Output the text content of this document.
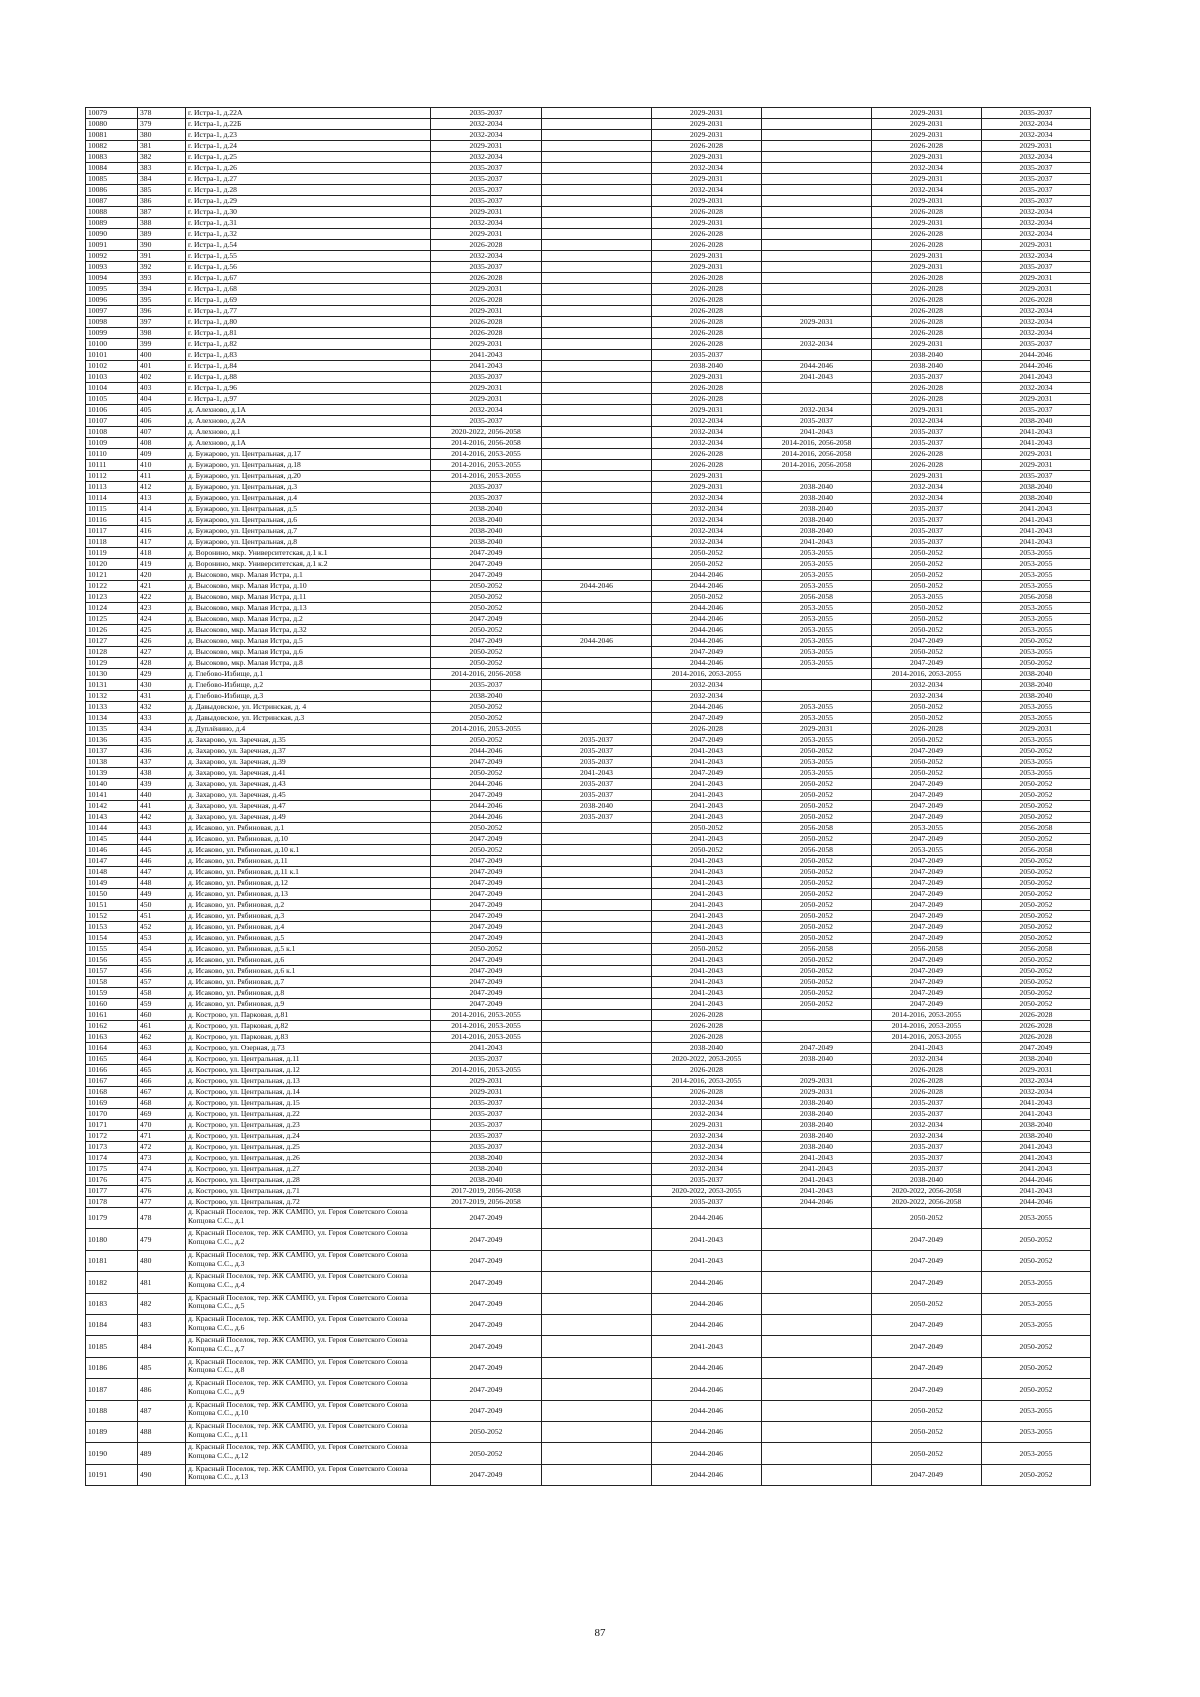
10079	378	г. Истра-1, д.22А	2035-2037		2029-2031		2029-2031	2035-2037
10080	379	г. Истра-1, д.22Б	2032-2034		2029-2031		2029-2031	2032-2034
10081	380	г. Истра-1, д.23	2032-2034		2029-2031		2029-2031	2032-2034
10082	381	г. Истра-1, д.24	2029-2031		2026-2028		2026-2028	2029-2031
10083	382	г. Истра-1, д.25	2032-2034		2029-2031		2029-2031	2032-2034
10084	383	г. Истра-1, д.26	2035-2037		2032-2034		2032-2034	2035-2037
10085	384	г. Истра-1, д.27	2035-2037		2029-2031		2029-2031	2035-2037
10086	385	г. Истра-1, д.28	2035-2037		2032-2034		2032-2034	2035-2037
10087	386	г. Истра-1, д.29	2035-2037		2029-2031		2029-2031	2035-2037
10088	387	г. Истра-1, д.30	2029-2031		2026-2028		2026-2028	2032-2034
10089	388	г. Истра-1, д.31	2032-2034		2029-2031		2029-2031	2032-2034
10090	389	г. Истра-1, д.32	2029-2031		2026-2028		2026-2028	2032-2034
10091	390	г. Истра-1, д.54	2026-2028		2026-2028		2026-2028	2029-2031
10092	391	г. Истра-1, д.55	2032-2034		2029-2031		2029-2031	2032-2034
10093	392	г. Истра-1, д.56	2035-2037		2029-2031		2029-2031	2035-2037
10094	393	г. Истра-1, д.67	2026-2028		2026-2028		2026-2028	2029-2031
10095	394	г. Истра-1, д.68	2029-2031		2026-2028		2026-2028	2029-2031
10096	395	г. Истра-1, д.69	2026-2028		2026-2028		2026-2028	2026-2028
10097	396	г. Истра-1, д.77	2029-2031		2026-2028		2026-2028	2032-2034
10098	397	г. Истра-1, д.80	2026-2028		2026-2028	2029-2031	2026-2028	2032-2034
10099	398	г. Истра-1, д.81	2026-2028		2026-2028		2026-2028	2032-2034
10100	399	г. Истра-1, д.82	2029-2031		2026-2028	2032-2034	2029-2031	2035-2037
10101	400	г. Истра-1, д.83	2041-2043		2035-2037		2038-2040	2044-2046
10102	401	г. Истра-1, д.84	2041-2043		2038-2040	2044-2046	2038-2040	2044-2046
10103	402	г. Истра-1, д.88	2035-2037		2029-2031	2041-2043	2035-2037	2041-2043
10104	403	г. Истра-1, д.96	2029-2031		2026-2028		2026-2028	2032-2034
10105	404	г. Истра-1, д.97	2029-2031		2026-2028		2026-2028	2029-2031
10106	405	д. Алехново, д.1А	2032-2034		2029-2031	2032-2034	2029-2031	2035-2037
10107	406	д. Алехново, д.2А	2035-2037		2032-2034	2035-2037	2032-2034	2038-2040
10108	407	д. Алехново, д.1	2020-2022, 2056-2058		2032-2034	2041-2043	2035-2037	2041-2043
10109	408	д. Алехново, д.1А	2014-2016, 2056-2058		2032-2034	2014-2016, 2056-2058	2035-2037	2041-2043
10110	409	д. Бужарово, ул. Центральная, д.17	2014-2016, 2053-2055		2026-2028	2014-2016, 2056-2058	2026-2028	2029-2031
10111	410	д. Бужарово, ул. Центральная, д.18	2014-2016, 2053-2055		2026-2028	2014-2016, 2056-2058	2026-2028	2029-2031
10112	411	д. Бужарово, ул. Центральная, д.20	2014-2016, 2053-2055		2029-2031		2029-2031	2035-2037
10113	412	д. Бужарово, ул. Центральная, д.3	2035-2037		2029-2031	2038-2040	2032-2034	2038-2040
10114	413	д. Бужарово, ул. Центральная, д.4	2035-2037		2032-2034	2038-2040	2032-2034	2038-2040
10115	414	д. Бужарово, ул. Центральная, д.5	2038-2040		2032-2034	2038-2040	2035-2037	2041-2043
10116	415	д. Бужарово, ул. Центральная, д.6	2038-2040		2032-2034	2038-2040	2035-2037	2041-2043
10117	416	д. Бужарово, ул. Центральная, д.7	2038-2040		2032-2034	2038-2040	2035-2037	2041-2043
10118	417	д. Бужарово, ул. Центральная, д.8	2038-2040		2032-2034	2041-2043	2035-2037	2041-2043
10119	418	д. Воронино, мкр. Университетская, д.1 к.1	2047-2049		2050-2052	2053-2055	2050-2052	2053-2055
10120	419	д. Воронино, мкр. Университетская, д.1 к.2	2047-2049		2050-2052	2053-2055	2050-2052	2053-2055
10121	420	д. Высоково, мкр. Малая Истра, д.1	2047-2049		2044-2046	2053-2055	2050-2052	2053-2055
10122	421	д. Высоково, мкр. Малая Истра, д.10	2050-2052	2044-2046	2044-2046	2053-2055	2050-2052	2053-2055
10123	422	д. Высоково, мкр. Малая Истра, д.11	2050-2052		2050-2052	2056-2058	2053-2055	2056-2058
10124	423	д. Высоково, мкр. Малая Истра, д.13	2050-2052		2044-2046	2053-2055	2050-2052	2053-2055
10125	424	д. Высоково, мкр. Малая Истра, д.2	2047-2049		2044-2046	2053-2055	2050-2052	2053-2055
10126	425	д. Высоково, мкр. Малая Истра, д.32	2050-2052		2044-2046	2053-2055	2050-2052	2053-2055
10127	426	д. Высоково, мкр. Малая Истра, д.5	2047-2049	2044-2046	2044-2046	2053-2055	2047-2049	2050-2052
10128	427	д. Высоково, мкр. Малая Истра, д.6	2050-2052		2047-2049	2053-2055	2050-2052	2053-2055
10129	428	д. Высоково, мкр. Малая Истра, д.8	2050-2052		2044-2046	2053-2055	2047-2049	2050-2052
10130	429	д. Глебово-Избище, д.1	2014-2016, 2056-2058		2014-2016, 2053-2055		2014-2016, 2053-2055	2038-2040
10131	430	д. Глебово-Избище, д.2	2035-2037		2032-2034		2032-2034	2038-2040
10132	431	д. Глебово-Избище, д.3	2038-2040		2032-2034		2032-2034	2038-2040
10133	432	д. Давыдовское, ул. Истринская, д. 4	2050-2052		2044-2046	2053-2055	2050-2052	2053-2055
10134	433	д. Давыдовское, ул. Истринская, д.3	2050-2052		2047-2049	2053-2055	2050-2052	2053-2055
10135	434	д. Дуплёнино, д.4	2014-2016, 2053-2055		2026-2028	2029-2031	2026-2028	2029-2031
10136	435	д. Захарово, ул. Заречная, д.35	2050-2052	2035-2037	2047-2049	2053-2055	2050-2052	2053-2055
10137	436	д. Захарово, ул. Заречная, д.37	2044-2046	2035-2037	2041-2043	2050-2052	2047-2049	2050-2052
10138	437	д. Захарово, ул. Заречная, д.39	2047-2049	2035-2037	2041-2043	2053-2055	2050-2052	2053-2055
10139	438	д. Захарово, ул. Заречная, д.41	2050-2052	2041-2043	2047-2049	2053-2055	2050-2052	2053-2055
10140	439	д. Захарово, ул. Заречная, д.43	2044-2046	2035-2037	2041-2043	2050-2052	2047-2049	2050-2052
10141	440	д. Захарово, ул. Заречная, д.45	2047-2049	2035-2037	2041-2043	2050-2052	2047-2049	2050-2052
10142	441	д. Захарово, ул. Заречная, д.47	2044-2046	2038-2040	2041-2043	2050-2052	2047-2049	2050-2052
10143	442	д. Захарово, ул. Заречная, д.49	2044-2046	2035-2037	2041-2043	2050-2052	2047-2049	2050-2052
10144	443	д. Исаково, ул. Рябиновая, д.1	2050-2052		2050-2052	2056-2058	2053-2055	2056-2058
10145	444	д. Исаково, ул. Рябиновая, д.10	2047-2049		2041-2043	2050-2052	2047-2049	2050-2052
10146	445	д. Исаково, ул. Рябиновая, д.10 к.1	2050-2052		2050-2052	2056-2058	2053-2055	2056-2058
10147	446	д. Исаково, ул. Рябиновая, д.11	2047-2049		2041-2043	2050-2052	2047-2049	2050-2052
10148	447	д. Исаково, ул. Рябиновая, д.11 к.1	2047-2049		2041-2043	2050-2052	2047-2049	2050-2052
10149	448	д. Исаково, ул. Рябиновая, д.12	2047-2049		2041-2043	2050-2052	2047-2049	2050-2052
10150	449	д. Исаково, ул. Рябиновая, д.13	2047-2049		2041-2043	2050-2052	2047-2049	2050-2052
10151	450	д. Исаково, ул. Рябиновая, д.2	2047-2049		2041-2043	2050-2052	2047-2049	2050-2052
10152	451	д. Исаково, ул. Рябиновая, д.3	2047-2049		2041-2043	2050-2052	2047-2049	2050-2052
10153	452	д. Исаково, ул. Рябиновая, д.4	2047-2049		2041-2043	2050-2052	2047-2049	2050-2052
10154	453	д. Исаково, ул. Рябиновая, д.5	2047-2049		2041-2043	2050-2052	2047-2049	2050-2052
10155	454	д. Исаково, ул. Рябиновая, д.5 к.1	2050-2052		2050-2052	2056-2058	2056-2058	2056-2058
10156	455	д. Исаково, ул. Рябиновая, д.6	2047-2049		2041-2043	2050-2052	2047-2049	2050-2052
10157	456	д. Исаково, ул. Рябиновая, д.6 к.1	2047-2049		2041-2043	2050-2052	2047-2049	2050-2052
10158	457	д. Исаково, ул. Рябиновая, д.7	2047-2049		2041-2043	2050-2052	2047-2049	2050-2052
10159	458	д. Исаково, ул. Рябиновая, д.8	2047-2049		2041-2043	2050-2052	2047-2049	2050-2052
10160	459	д. Исаково, ул. Рябиновая, д.9	2047-2049		2041-2043	2050-2052	2047-2049	2050-2052
10161	460	д. Кострово, ул. Парковая, д.81	2014-2016, 2053-2055		2026-2028		2014-2016, 2053-2055	2026-2028
10162	461	д. Кострово, ул. Парковая, д.82	2014-2016, 2053-2055		2026-2028		2014-2016, 2053-2055	2026-2028
10163	462	д. Кострово, ул. Парковая, д.83	2014-2016, 2053-2055		2026-2028		2014-2016, 2053-2055	2026-2028
10164	463	д. Кострово, ул. Озерная, д.73	2041-2043		2038-2040	2047-2049	2041-2043	2047-2049
10165	464	д. Кострово, ул. Центральная, д.11	2035-2037		2020-2022, 2053-2055	2038-2040	2032-2034	2038-2040
10166	465	д. Кострово, ул. Центральная, д.12	2014-2016, 2053-2055		2026-2028		2026-2028	2029-2031
10167	466	д. Кострово, ул. Центральная, д.13	2029-2031		2014-2016, 2053-2055	2029-2031	2026-2028	2032-2034
10168	467	д. Кострово, ул. Центральная, д.14	2029-2031		2026-2028	2029-2031	2026-2028	2032-2034
10169	468	д. Кострово, ул. Центральная, д.15	2035-2037		2032-2034	2038-2040	2035-2037	2041-2043
10170	469	д. Кострово, ул. Центральная, д.22	2035-2037		2032-2034	2038-2040	2035-2037	2041-2043
10171	470	д. Кострово, ул. Центральная, д.23	2035-2037		2029-2031	2038-2040	2032-2034	2038-2040
10172	471	д. Кострово, ул. Центральная, д.24	2035-2037		2032-2034	2038-2040	2032-2034	2038-2040
10173	472	д. Кострово, ул. Центральная, д.25	2035-2037		2032-2034	2038-2040	2035-2037	2041-2043
10174	473	д. Кострово, ул. Центральная, д.26	2038-2040		2032-2034	2041-2043	2035-2037	2041-2043
10175	474	д. Кострово, ул. Центральная, д.27	2038-2040		2032-2034	2041-2043	2035-2037	2041-2043
10176	475	д. Кострово, ул. Центральная, д.28	2038-2040		2035-2037	2041-2043	2038-2040	2044-2046
10177	476	д. Кострово, ул. Центральная, д.71	2017-2019, 2056-2058		2020-2022, 2053-2055	2041-2043	2020-2022, 2056-2058	2041-2043
10178	477	д. Кострово, ул. Центральная, д.72	2017-2019, 2056-2058		2035-2037	2044-2046	2020-2022, 2056-2058	2044-2046
10179	478	д. Красный Поселок, тер. ЖК САМПО, ул. Героя Советского Союза Копцова С.С., д.1	2047-2049		2044-2046		2050-2052	2053-2055
10180	479	д. Красный Поселок, тер. ЖК САМПО, ул. Героя Советского Союза Копцова С.С., д.2	2047-2049		2041-2043		2047-2049	2050-2052
10181	480	д. Красный Поселок, тер. ЖК САМПО, ул. Героя Советского Союза Копцова С.С., д.3	2047-2049		2041-2043		2047-2049	2050-2052
10182	481	д. Красный Поселок, тер. ЖК САМПО, ул. Героя Советского Союза Копцова С.С., д.4	2047-2049		2044-2046		2047-2049	2053-2055
10183	482	д. Красный Поселок, тер. ЖК САМПО, ул. Героя Советского Союза Копцова С.С., д.5	2047-2049		2044-2046		2050-2052	2053-2055
10184	483	д. Красный Поселок, тер. ЖК САМПО, ул. Героя Советского Союза Копцова С.С., д.6	2047-2049		2044-2046		2047-2049	2053-2055
10185	484	д. Красный Поселок, тер. ЖК САМПО, ул. Героя Советского Союза Копцова С.С., д.7	2047-2049		2041-2043		2047-2049	2050-2052
10186	485	д. Красный Поселок, тер. ЖК САМПО, ул. Героя Советского Союза Копцова С.С., д.8	2047-2049		2044-2046		2047-2049	2050-2052
10187	486	д. Красный Поселок, тер. ЖК САМПО, ул. Героя Советского Союза Копцова С.С., д.9	2047-2049		2044-2046		2047-2049	2050-2052
10188	487	д. Красный Поселок, тер. ЖК САМПО, ул. Героя Советского Союза Копцова С.С., д.10	2047-2049		2044-2046		2050-2052	2053-2055
10189	488	д. Красный Поселок, тер. ЖК САМПО, ул. Героя Советского Союза Копцова С.С., д.11	2050-2052		2044-2046		2050-2052	2053-2055
10190	489	д. Красный Поселок, тер. ЖК САМПО, ул. Героя Советского Союза Копцова С.С., д.12	2050-2052		2044-2046		2050-2052	2053-2055
10191	490	д. Красный Поселок, тер. ЖК САМПО, ул. Героя Советского Союза Копцова С.С., д.13	2047-2049		2044-2046		2047-2049	2050-2052
87
